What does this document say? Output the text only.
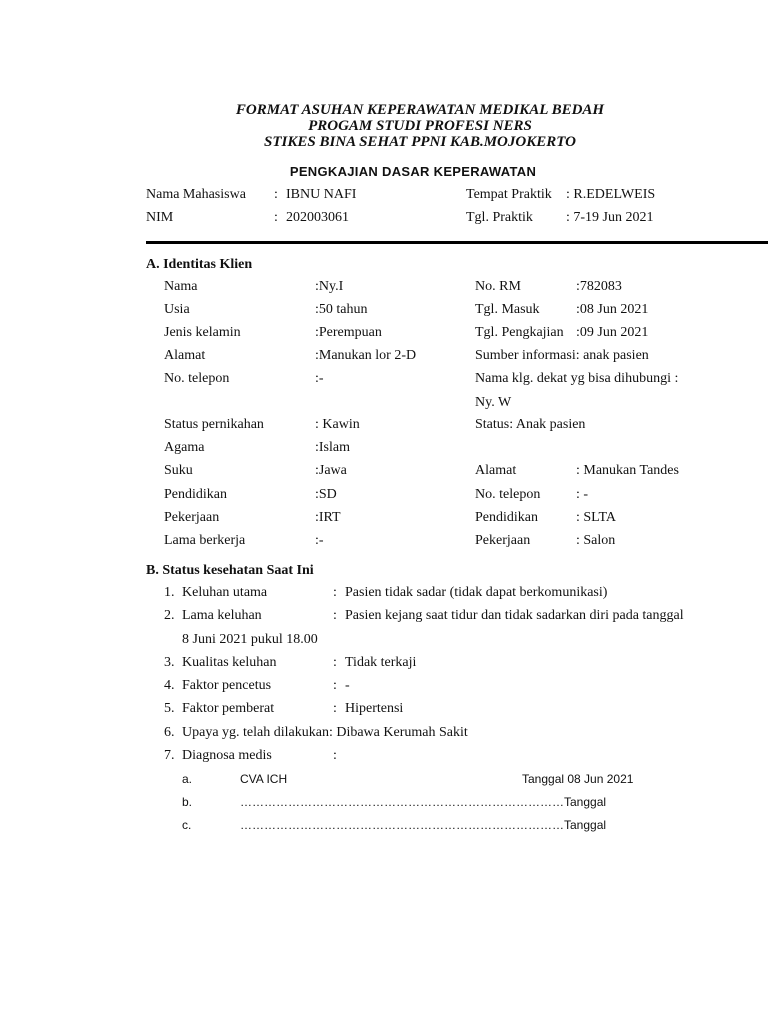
FORMAT ASUHAN KEPERAWATAN MEDIKAL BEDAH
PROGAM STUDI PROFESI NERS
STIKES BINA SEHAT PPNI KAB.MOJOKERTO
PENGKAJIAN DASAR KEPERAWATAN
Nama Mahasiswa : IBNU NAFI	Tempat Praktik : R.EDELWEIS
NIM	: 202003061	Tgl. Praktik : 7-19 Jun 2021
A. Identitas Klien
Nama	:Ny.I	No. RM	:782083
Usia	:50 tahun	Tgl. Masuk	:08 Jun 2021
Jenis kelamin	:Perempuan	Tgl. Pengkajian :09 Jun 2021
Alamat	:Manukan lor 2-D	Sumber informasi: anak pasien
No. telepon	:-	Nama klg. dekat yg bisa dihubungi :
Ny. W
Status pernikahan	: Kawin	Status: Anak pasien
Agama	:Islam
Suku	:Jawa	Alamat	: Manukan Tandes
Pendidikan	:SD	No. telepon	: -
Pekerjaan	:IRT	Pendidikan	: SLTA
Lama berkerja	:-	Pekerjaan	: Salon
B. Status kesehatan Saat Ini
1. Keluhan utama	: Pasien tidak sadar (tidak dapat berkomunikasi)
2. Lama keluhan	: Pasien kejang saat tidur dan tidak sadarkan diri pada tanggal
8 Juni 2021 pukul 18.00
3. Kualitas keluhan	: Tidak terkaji
4. Faktor pencetus	: -
5. Faktor pemberat	: Hipertensi
6. Upaya yg. telah dilakukan: Dibawa Kerumah Sakit
7. Diagnosa medis	:
a.	CVA ICH	Tanggal 08 Jun 2021
b.	………………………………………………………………………Tanggal
c.	………………………………………………………………………Tanggal
